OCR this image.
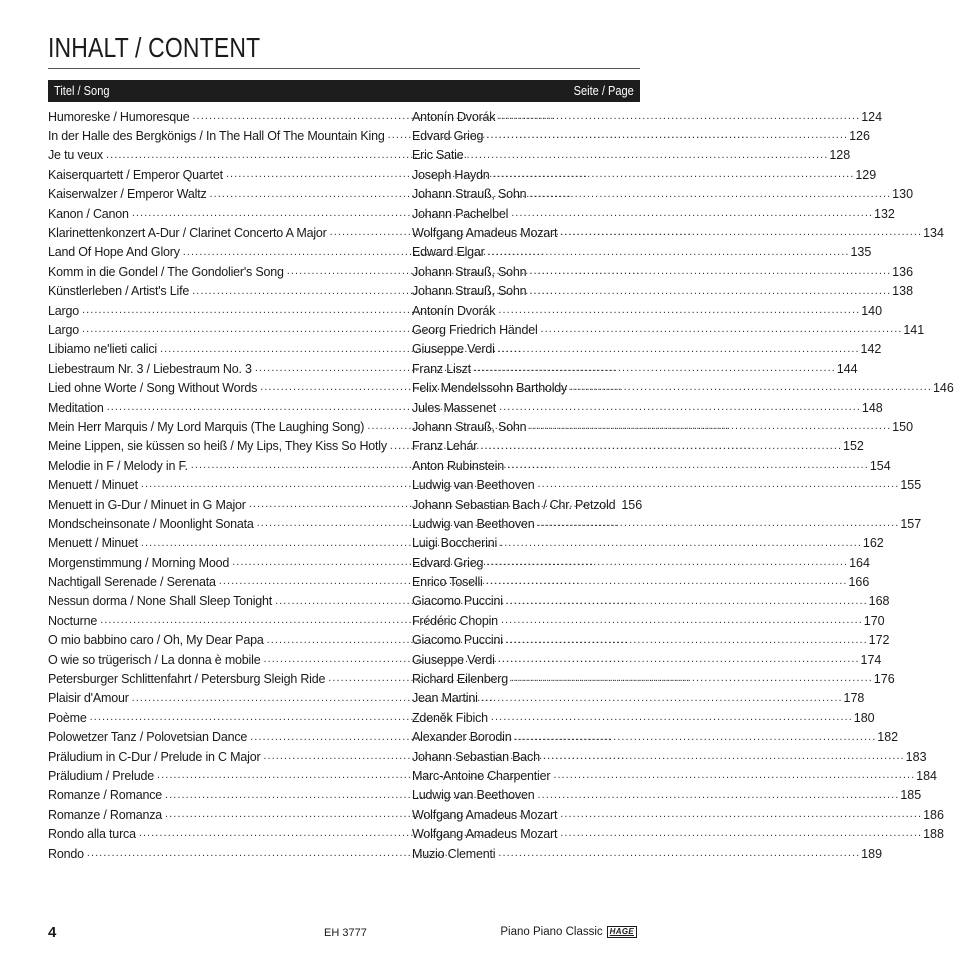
INHALT / CONTENT
Titel / Song	Seite / Page
Humoreske / Humoresque . . .	Antonín Dvorák . . .	124
In der Halle des Bergkönigs / In The Hall Of The Mountain King . . . Edvard Grieg . . .	126
Je tu veux . . .	Eric Satie . . .	128
Kaiserquartett / Emperor Quartet . . .	Joseph Haydn . . .	129
Kaiserwalzer / Emperor Waltz . . .	Johann Strauß, Sohn . . .	130
Kanon / Canon . . .	Johann Pachelbel . . .	132
Klarinettenkonzert A-Dur / Clarinet Concerto A Major . . .	Wolfgang Amadeus Mozart . . .	134
Land Of Hope And Glory . . .	Edward Elgar . . .	135
Komm in die Gondel / The Gondolier's Song . . .	Johann Strauß, Sohn . . .	136
Künstlerleben / Artist's Life . . .	Johann Strauß, Sohn . . .	138
Largo . . .	Antonín Dvorák . . .	140
Largo . . .	Georg Friedrich Händel . . .	141
Libiamo ne'lieti calici . . .	Giuseppe Verdi . . .	142
Liebestraum Nr. 3 / Liebestraum No. 3 . . .	Franz Liszt . . .	144
Lied ohne Worte / Song Without Words . . .	Felix Mendelssohn Bartholdy . . .	146
Meditation . . .	Jules Massenet . . .	148
Mein Herr Marquis / My Lord Marquis (The Laughing Song) . . .	Johann Strauß, Sohn . . .	150
Meine Lippen, sie küssen so heiß / My Lips, They Kiss So Hotly . . . Franz Lehár . . .	152
Melodie in F / Melody in F. . . .	Anton Rubinstein . . .	154
Menuett / Minuet . . .	Ludwig van Beethoven . . .	155
Menuett in G-Dur / Minuet in G Major . . .	Johann Sebastian Bach / Chr. Petzold 156
Mondscheinsonate / Moonlight Sonata . . .	Ludwig van Beethoven . . .	157
Menuett / Minuet . . .	Luigi Boccherini . . .	162
Morgenstimmung / Morning Mood . . .	Edvard Grieg . . .	164
Nachtigall Serenade / Serenata . . .	Enrico Toselli . . .	166
Nessun dorma / None Shall Sleep Tonight . . .	Giacomo Puccini . . .	168
Nocturne . . .	Frédéric Chopin . . .	170
O mio babbino caro / Oh, My Dear Papa . . .	Giacomo Puccini . . .	172
O wie so trügerisch / La donna è mobile . . .	Giuseppe Verdi . . .	174
Petersburger Schlittenfahrt / Petersburg Sleigh Ride . . .	Richard Eilenberg . . .	176
Plaisir d'Amour . . .	Jean Martini . . .	178
Poème . . .	Zdeněk Fibich . . .	180
Polowetzer Tanz / Polovetsian Dance . . .	Alexander Borodin . . .	182
Präludium in C-Dur / Prelude in C Major . . .	Johann Sebastian Bach . . .	183
Präludium / Prelude . . .	Marc-Antoine Charpentier . . .	184
Romanze / Romance . . .	Ludwig van Beethoven . . .	185
Romanze / Romanza . . .	Wolfgang Amadeus Mozart . . .	186
Rondo alla turca . . .	Wolfgang Amadeus Mozart . . .	188
Rondo . . .	Muzio Clementi . . .	189
4	EH 3777	Piano Piano Classic HAGE
